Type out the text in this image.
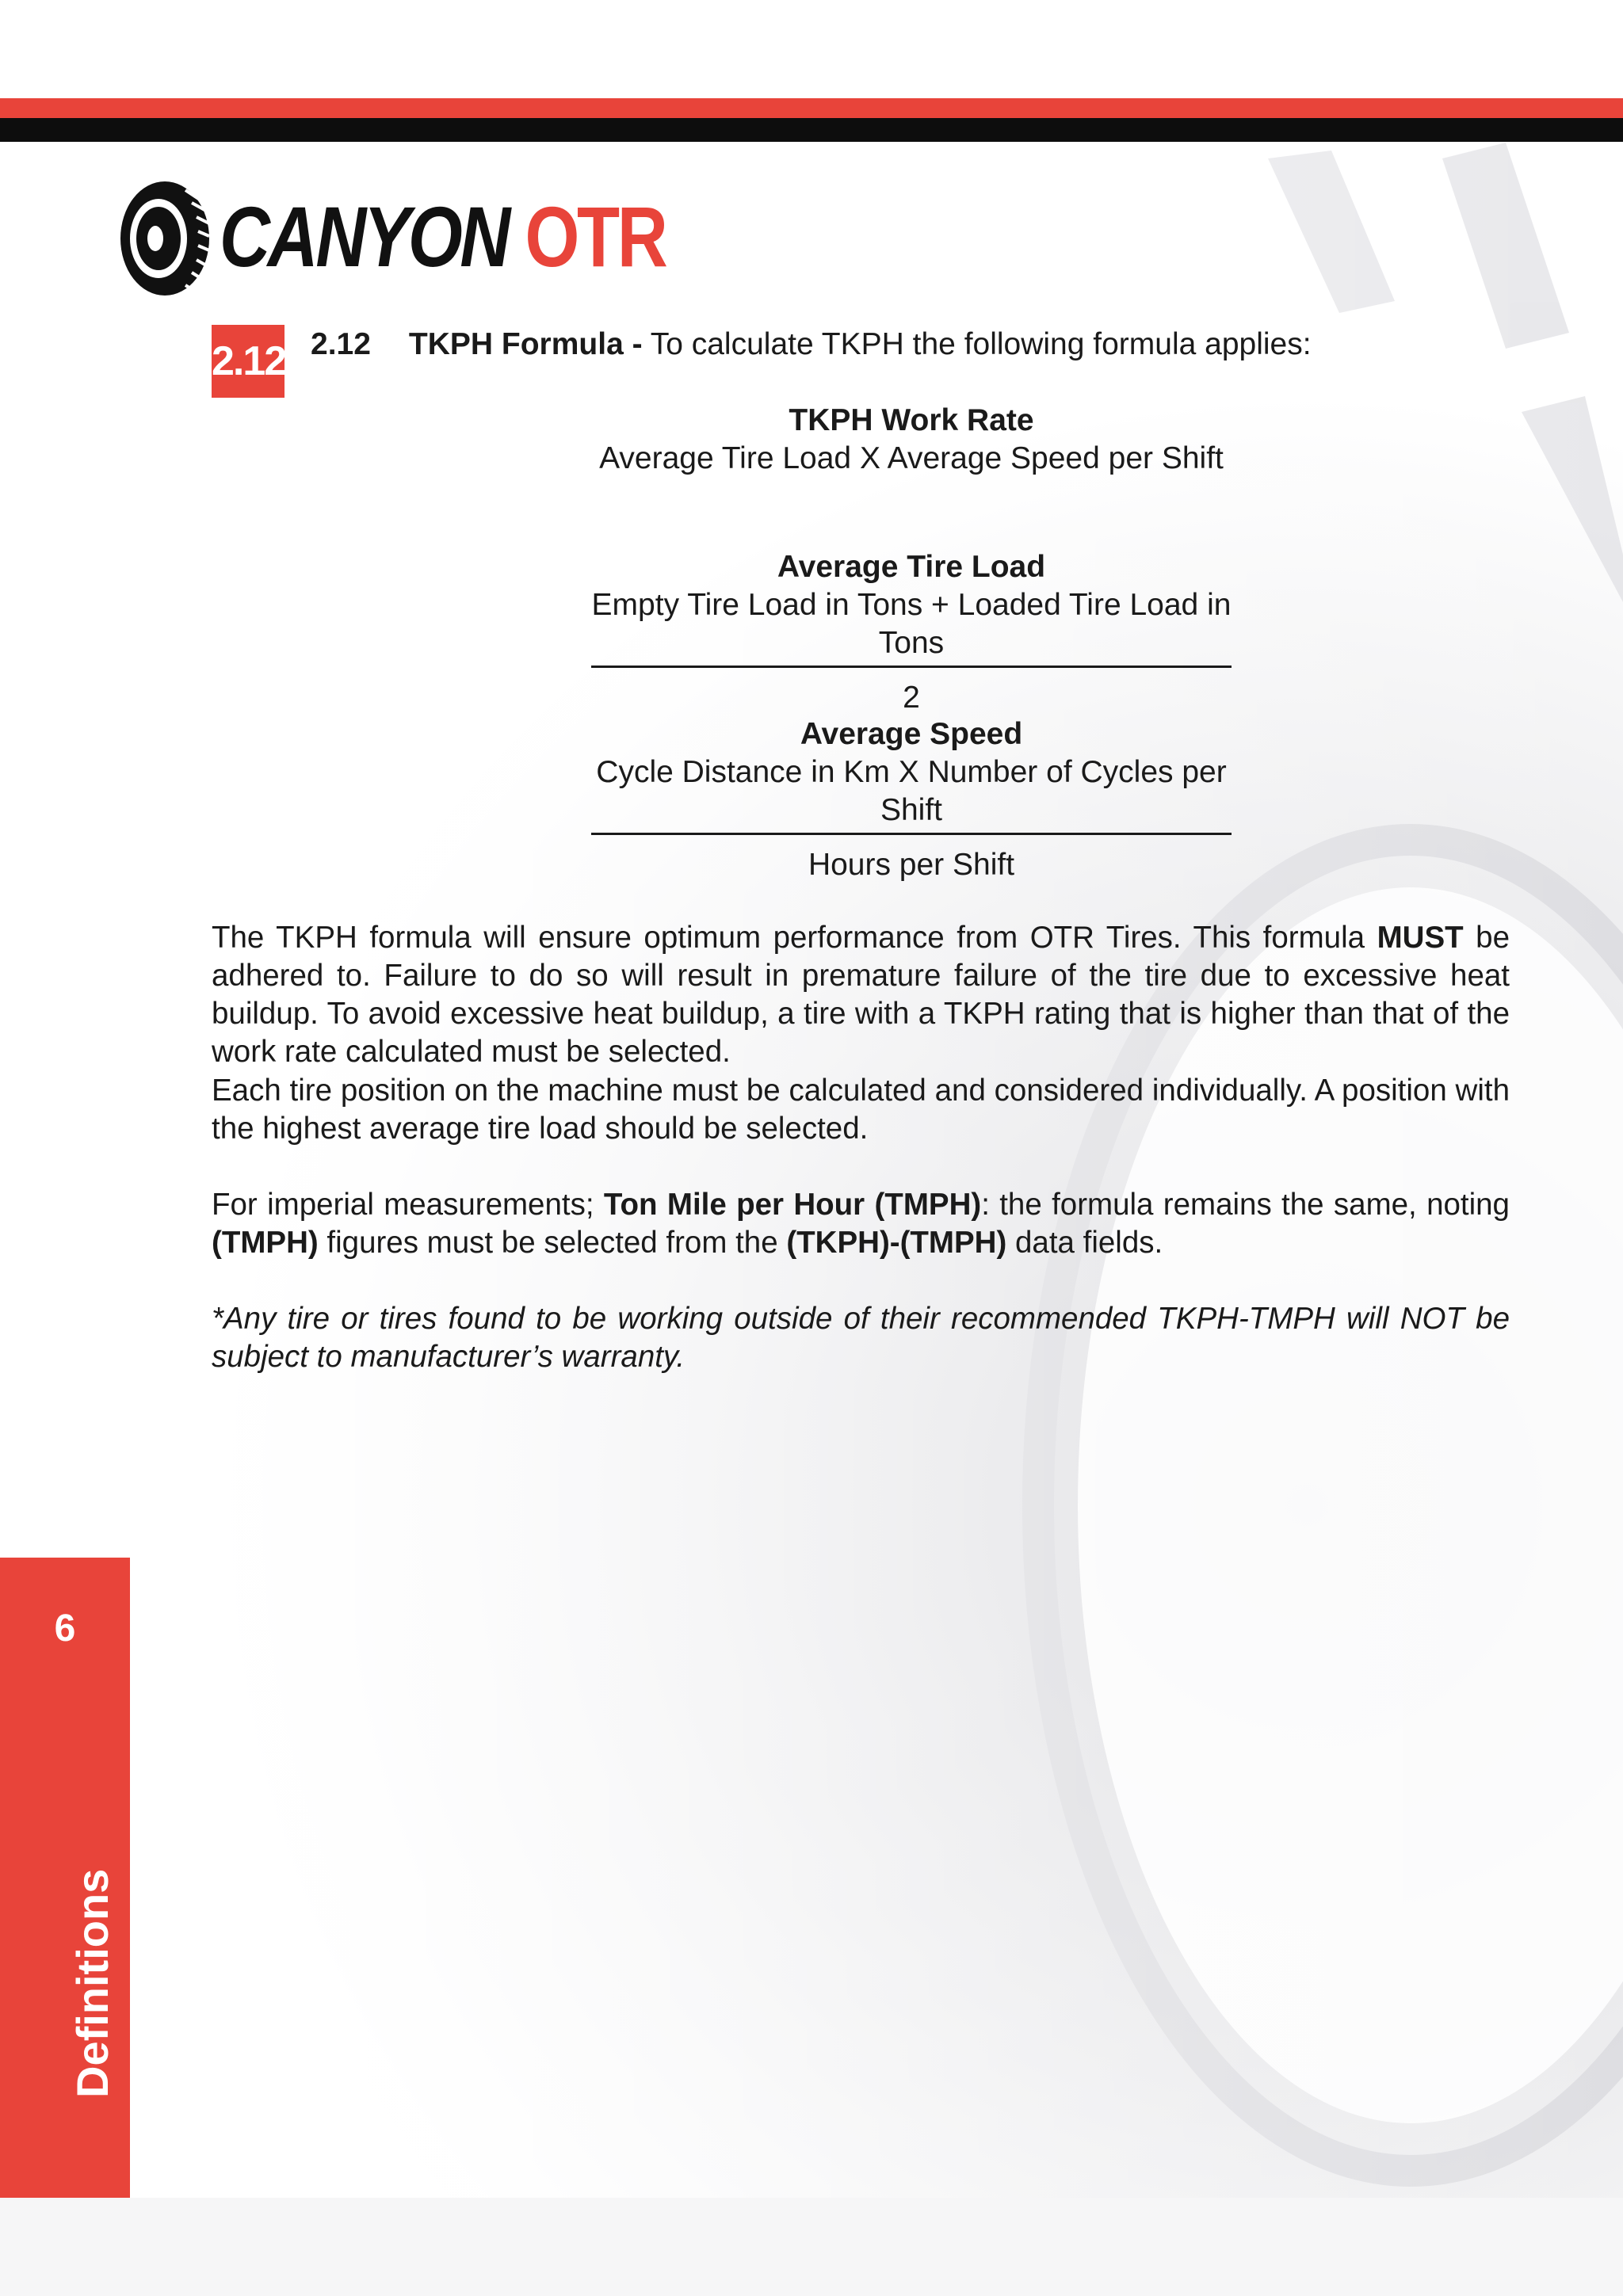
CANYON OTR
2.12 2.12 TKPH Formula - To calculate TKPH the following formula applies:
TKPH Work Rate
Average Tire Load X Average Speed per Shift
Average Tire Load
Empty Tire Load in Tons + Loaded Tire Load in Tons
2
Average Speed
Cycle Distance in Km X Number of Cycles per Shift
Hours per Shift
The TKPH formula will ensure optimum performance from OTR Tires. This formula MUST be adhered to. Failure to do so will result in premature failure of the tire due to excessive heat buildup. To avoid excessive heat buildup, a tire with a TKPH rating that is higher than that of the work rate calculated must be selected.
Each tire position on the machine must be calculated and considered individually. A position with the highest average tire load should be selected.
For imperial measurements; Ton Mile per Hour (TMPH): the formula remains the same, noting (TMPH) figures must be selected from the (TKPH)-(TMPH) data fields.
*Any tire or tires found to be working outside of their recommended TKPH-TMPH will NOT be subject to manufacturer’s warranty.
6
Definitions
